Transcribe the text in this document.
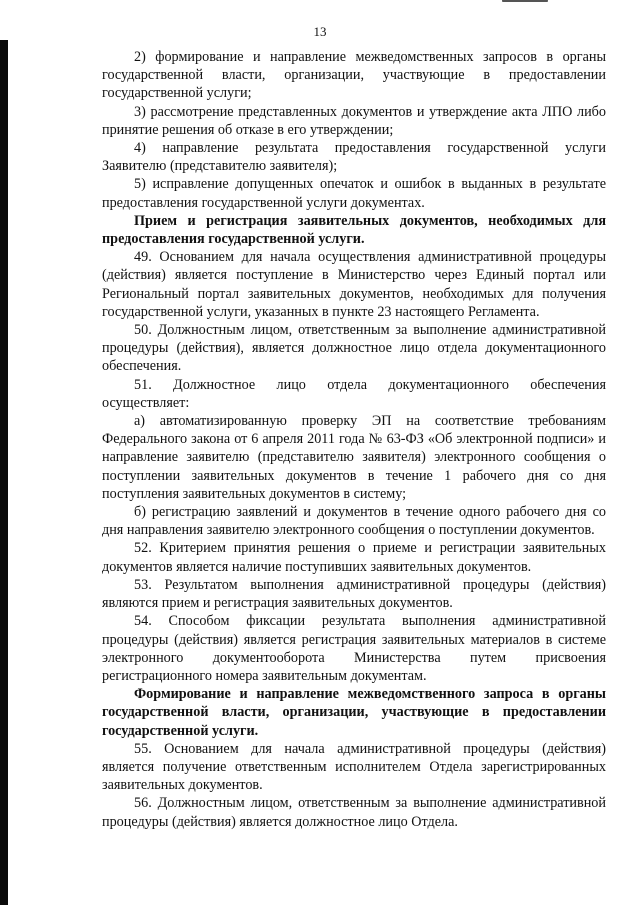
13

2) формирование и направление межведомственных запросов в органы государственной власти, организации, участвующие в предоставлении государственной услуги;

3) рассмотрение представленных документов и утверждение акта ЛПО либо принятие решения об отказе в его утверждении;

4) направление результата предоставления государственной услуги Заявителю (представителю заявителя);

5) исправление допущенных опечаток и ошибок в выданных в результате предоставления государственной услуги документах.

Прием и регистрация заявительных документов, необходимых для предоставления государственной услуги.

49. Основанием для начала осуществления административной процедуры (действия) является поступление в Министерство через Единый портал или Региональный портал заявительных документов, необходимых для получения государственной услуги, указанных в пункте 23 настоящего Регламента.

50. Должностным лицом, ответственным за выполнение административной процедуры (действия), является должностное лицо отдела документационного обеспечения.

51. Должностное лицо отдела документационного обеспечения осуществляет:

а) автоматизированную проверку ЭП на соответствие требованиям Федерального закона от 6 апреля 2011 года № 63-ФЗ «Об электронной подписи» и направление заявителю (представителю заявителя) электронного сообщения о поступлении заявительных документов в течение 1 рабочего дня со дня поступления заявительных документов в систему;

б) регистрацию заявлений и документов в течение одного рабочего дня со дня направления заявителю электронного сообщения о поступлении документов.

52. Критерием принятия решения о приеме и регистрации заявительных документов является наличие поступивших заявительных документов.

53. Результатом выполнения административной процедуры (действия) являются прием и регистрация заявительных документов.

54. Способом фиксации результата выполнения административной процедуры (действия) является регистрация заявительных материалов в системе электронного документооборота Министерства путем присвоения регистрационного номера заявительным документам.

Формирование и направление межведомственного запроса в органы государственной власти, организации, участвующие в предоставлении государственной услуги.

55. Основанием для начала административной процедуры (действия) является получение ответственным исполнителем Отдела зарегистрированных заявительных документов.

56. Должностным лицом, ответственным за выполнение административной процедуры (действия) является должностное лицо Отдела.
